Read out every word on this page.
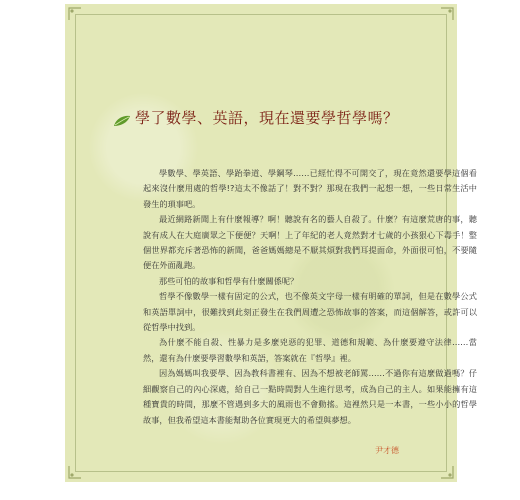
學了數學、英語，現在還要學哲學嗎？

學數學、學英語、學跆拳道、學鋼琴……已經忙得不可開交了，現在竟然還要學這個看起來沒什麼用處的哲學!?這太不像話了！對不對？那現在我們一起想一想，一些日常生活中發生的瑣事吧。

最近網路新聞上有什麼報導？啊！聽說有名的藝人自殺了。什麼？有這麼荒唐的事，聽說有成人在大庭廣眾之下便便？天啊！上了年紀的老人竟然對才七歲的小孩狠心下毒手！整個世界都充斥著恐怖的新聞，爸爸媽媽總是不厭其煩對我們耳提面命，外面很可怕，不要隨便在外面亂跑。

那些可怕的故事和哲學有什麼關係呢？

哲學不像數學一樣有固定的公式，也不像英文字母一樣有明確的單詞，但是在數學公式和英語單詞中，很難找到此刻正發生在我們周遭之恐怖故事的答案，而這個解答，或許可以從哲學中找到。

為什麼不能自殺、性暴力是多麼兇惡的犯罪、道德和規範、為什麼要遵守法律……當然，還有為什麼要學習數學和英語，答案就在『哲學』裡。

因為媽媽叫我要學、因為教科書裡有、因為不想被老師罵……不過你有這麼做過嗎？仔細觀察自己的內心深處，給自己一點時間對人生進行思考，成為自己的主人。如果能擁有這種寶貴的時間，那麼不管遇到多大的風雨也不會動搖。這裡然只是一本書，一些小小的哲學故事，但我希望這本書能幫助各位實現更大的希望與夢想。

尹才德
